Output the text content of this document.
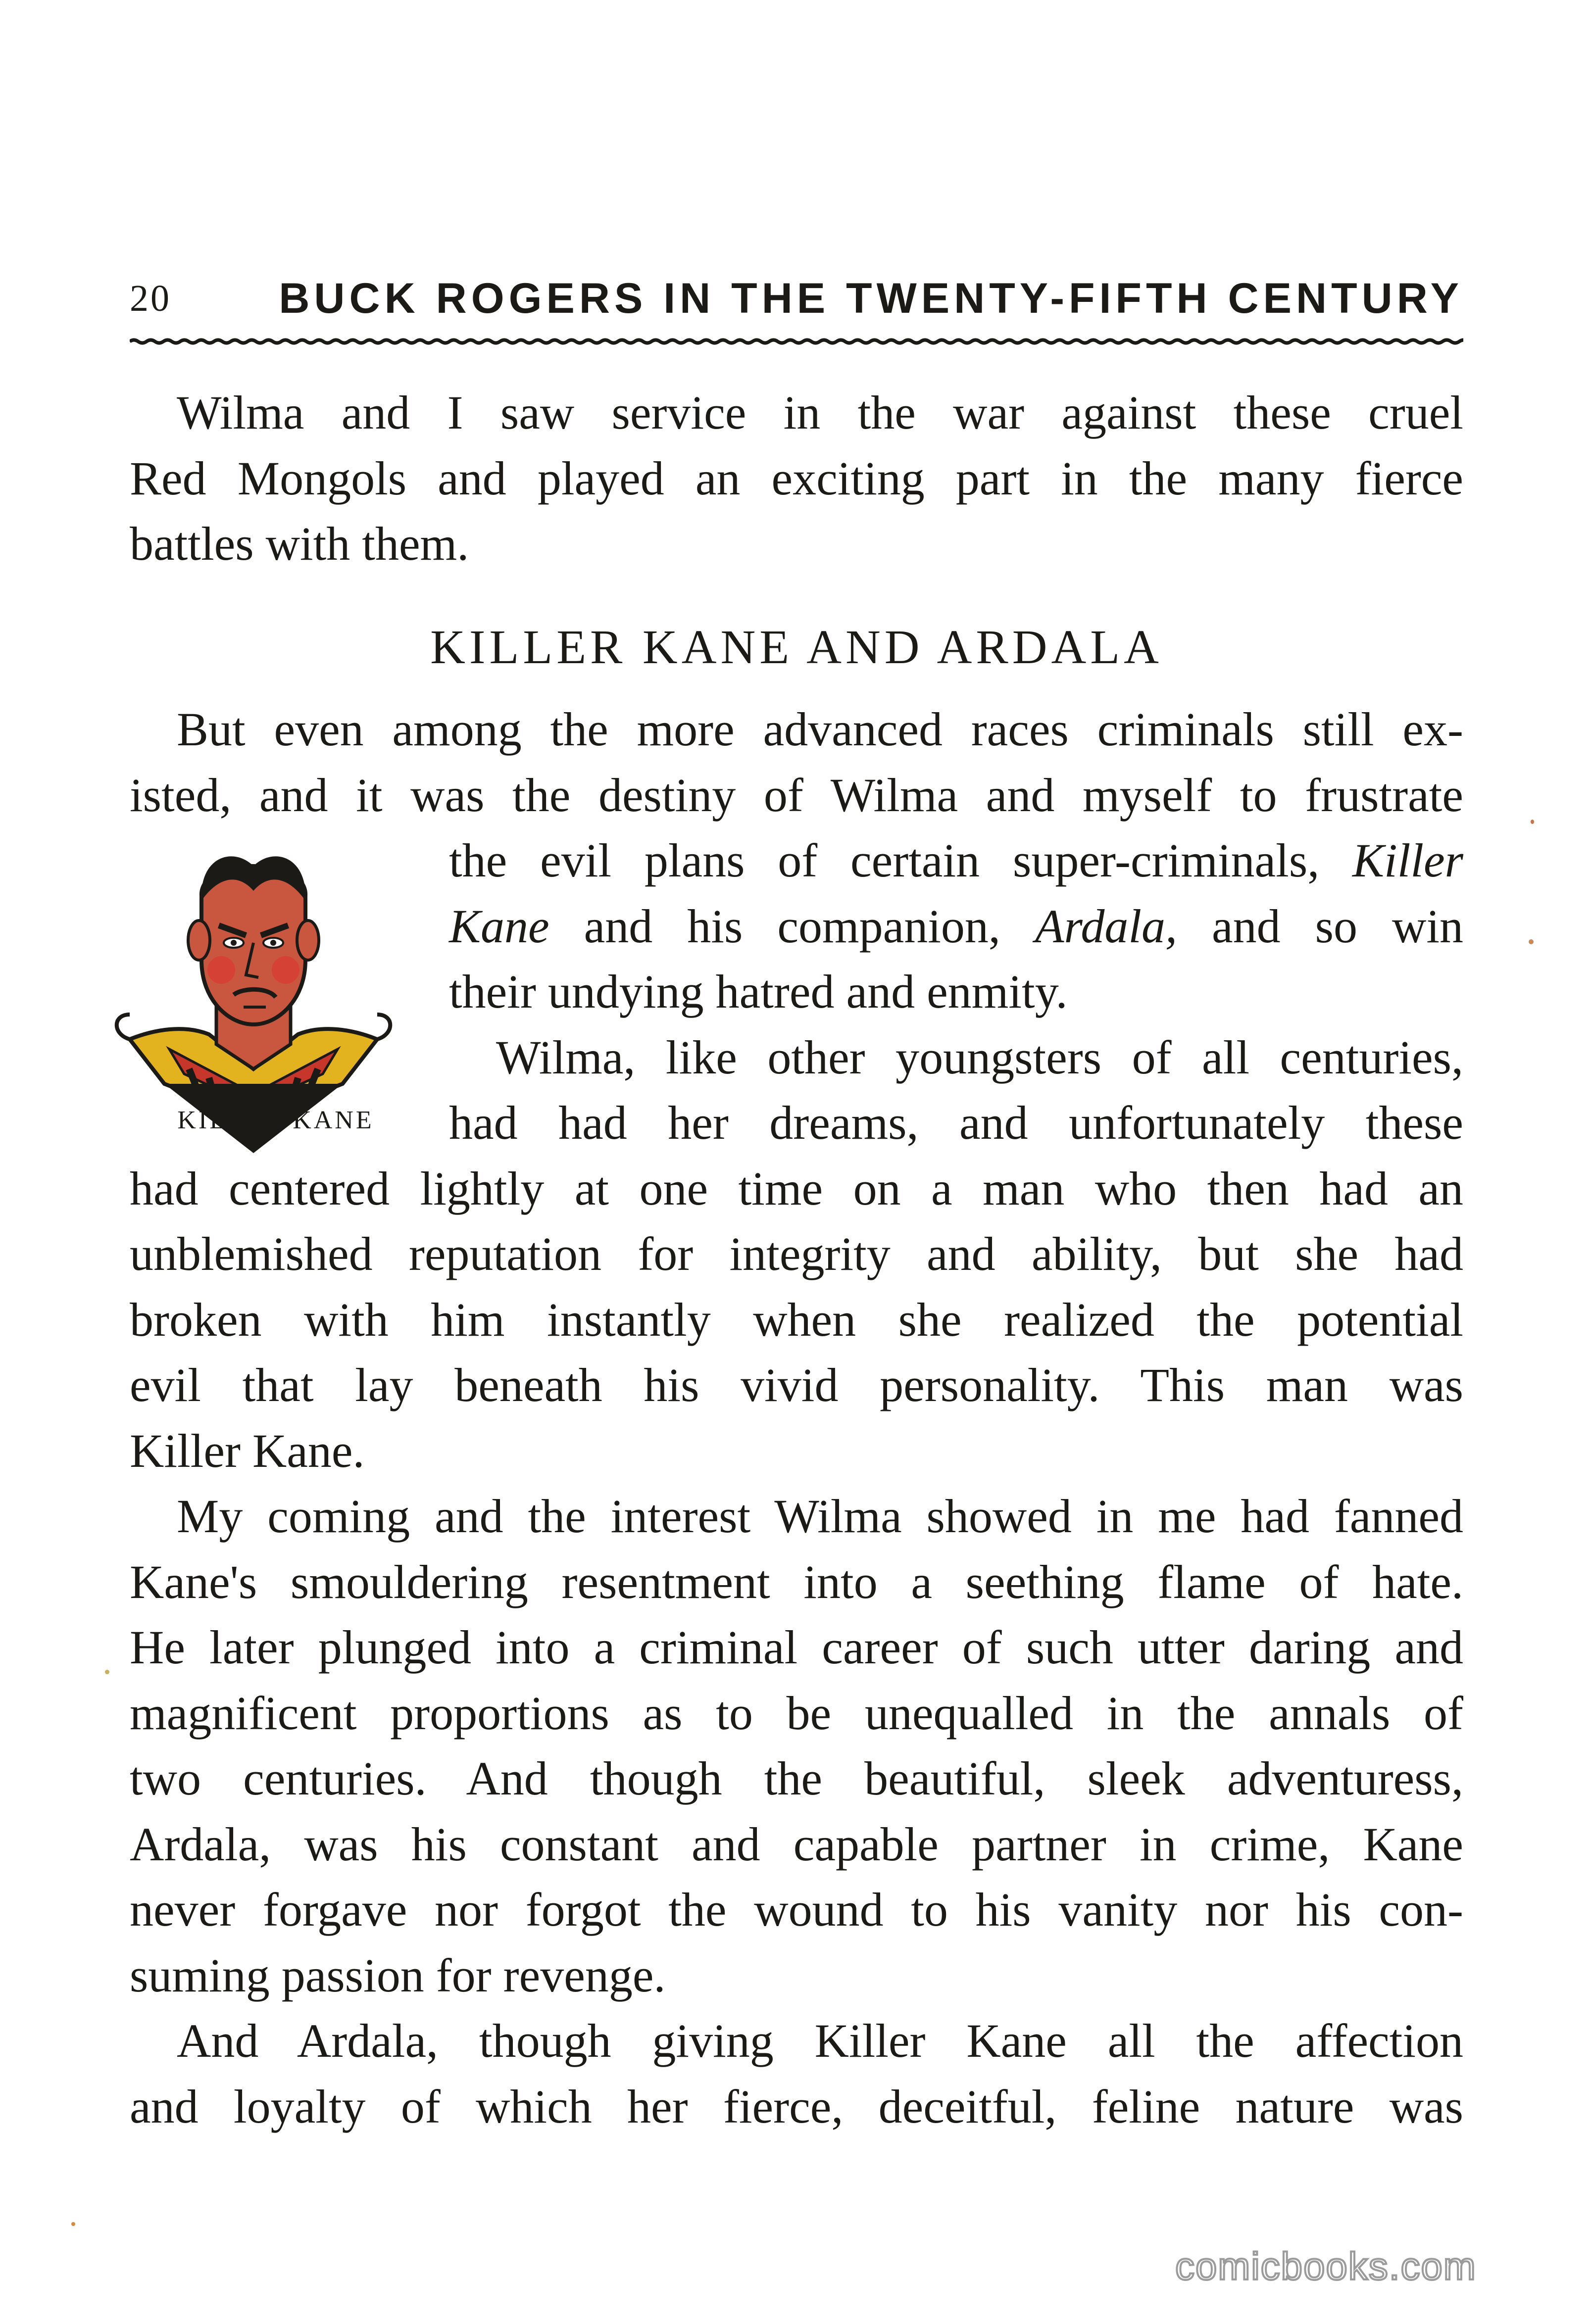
20	BUCK ROGERS IN THE TWENTY-FIFTH CENTURY

Wilma and I saw service in the war against these cruel
Red Mongols and played an exciting part in the many fierce
battles with them.

KILLER KANE AND ARDALA

But even among the more advanced races criminals still ex-
isted, and it was the destiny of Wilma and myself to frustrate
the evil plans of certain super-criminals, Killer
Kane and his companion, Ardala, and so win
their undying hatred and enmity.

Wilma, like other youngsters of all centuries,
had had her dreams, and unfortunately these
had centered lightly at one time on a man who then had an
unblemished reputation for integrity and ability, but she had
broken with him instantly when she realized the potential
evil that lay beneath his vivid personality. This man was
Killer Kane.

My coming and the interest Wilma showed in me had fanned
Kane's smouldering resentment into a seething flame of hate.
He later plunged into a criminal career of such utter daring and
magnificent proportions as to be unequalled in the annals of
two centuries. And though the beautiful, sleek adventuress,
Ardala, was his constant and capable partner in crime, Kane
never forgave nor forgot the wound to his vanity nor his con-
suming passion for revenge.

And Ardala, though giving Killer Kane all the affection
and loyalty of which her fierce, deceitful, feline nature was

KILLER KANE
comicbooks.com
